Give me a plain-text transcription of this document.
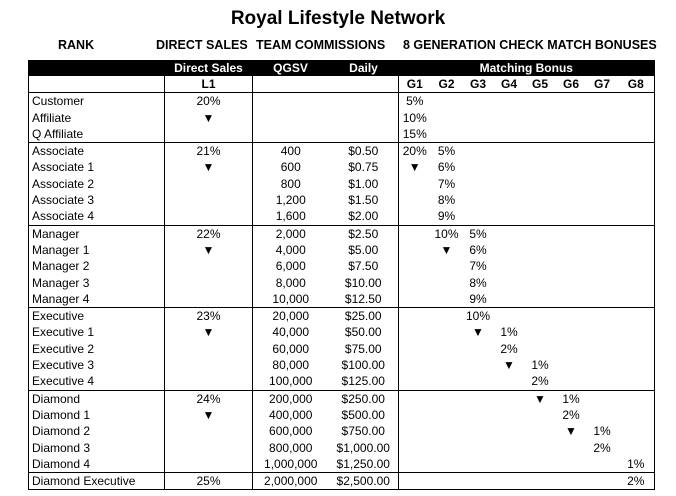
Royal Lifestyle Network
RANK	DIRECT SALES TEAM COMMISSIONS 8 GENERATION CHECK MATCH BONUSES
	Direct Sales	QGSV	Daily	Matching Bonus							
	L1			G1	G2	G3	G4	G5	G6	G7	G8
Customer	20%			5%							
Affiliate	▼			10%							
Q Affiliate				15%							
Associate	21%	400	$0.50	20%	5%						
Associate 1	▼	600	$0.75	▼	6%						
Associate 2		800	$1.00		7%						
Associate 3		1,200	$1.50		8%						
Associate 4		1,600	$2.00		9%						
Manager	22%	2,000	$2.50		10%	5%					
Manager 1	▼	4,000	$5.00		▼	6%					
Manager 2		6,000	$7.50			7%					
Manager 3		8,000	$10.00			8%					
Manager 4		10,000	$12.50			9%					
Executive	23%	20,000	$25.00			10%					
Executive 1	▼	40,000	$50.00			▼	1%				
Executive 2		60,000	$75.00				2%				
Executive 3		80,000	$100.00				▼	1%			
Executive 4		100,000	$125.00					2%			
Diamond	24%	200,000	$250.00					▼	1%		
Diamond 1	▼	400,000	$500.00						2%		
Diamond 2		600,000	$750.00						▼	1%	
Diamond 3		800,000	$1,000.00							2%	
Diamond 4		1,000,000	$1,250.00								1%
Diamond Executive	25%	2,000,000	$2,500.00								2%
